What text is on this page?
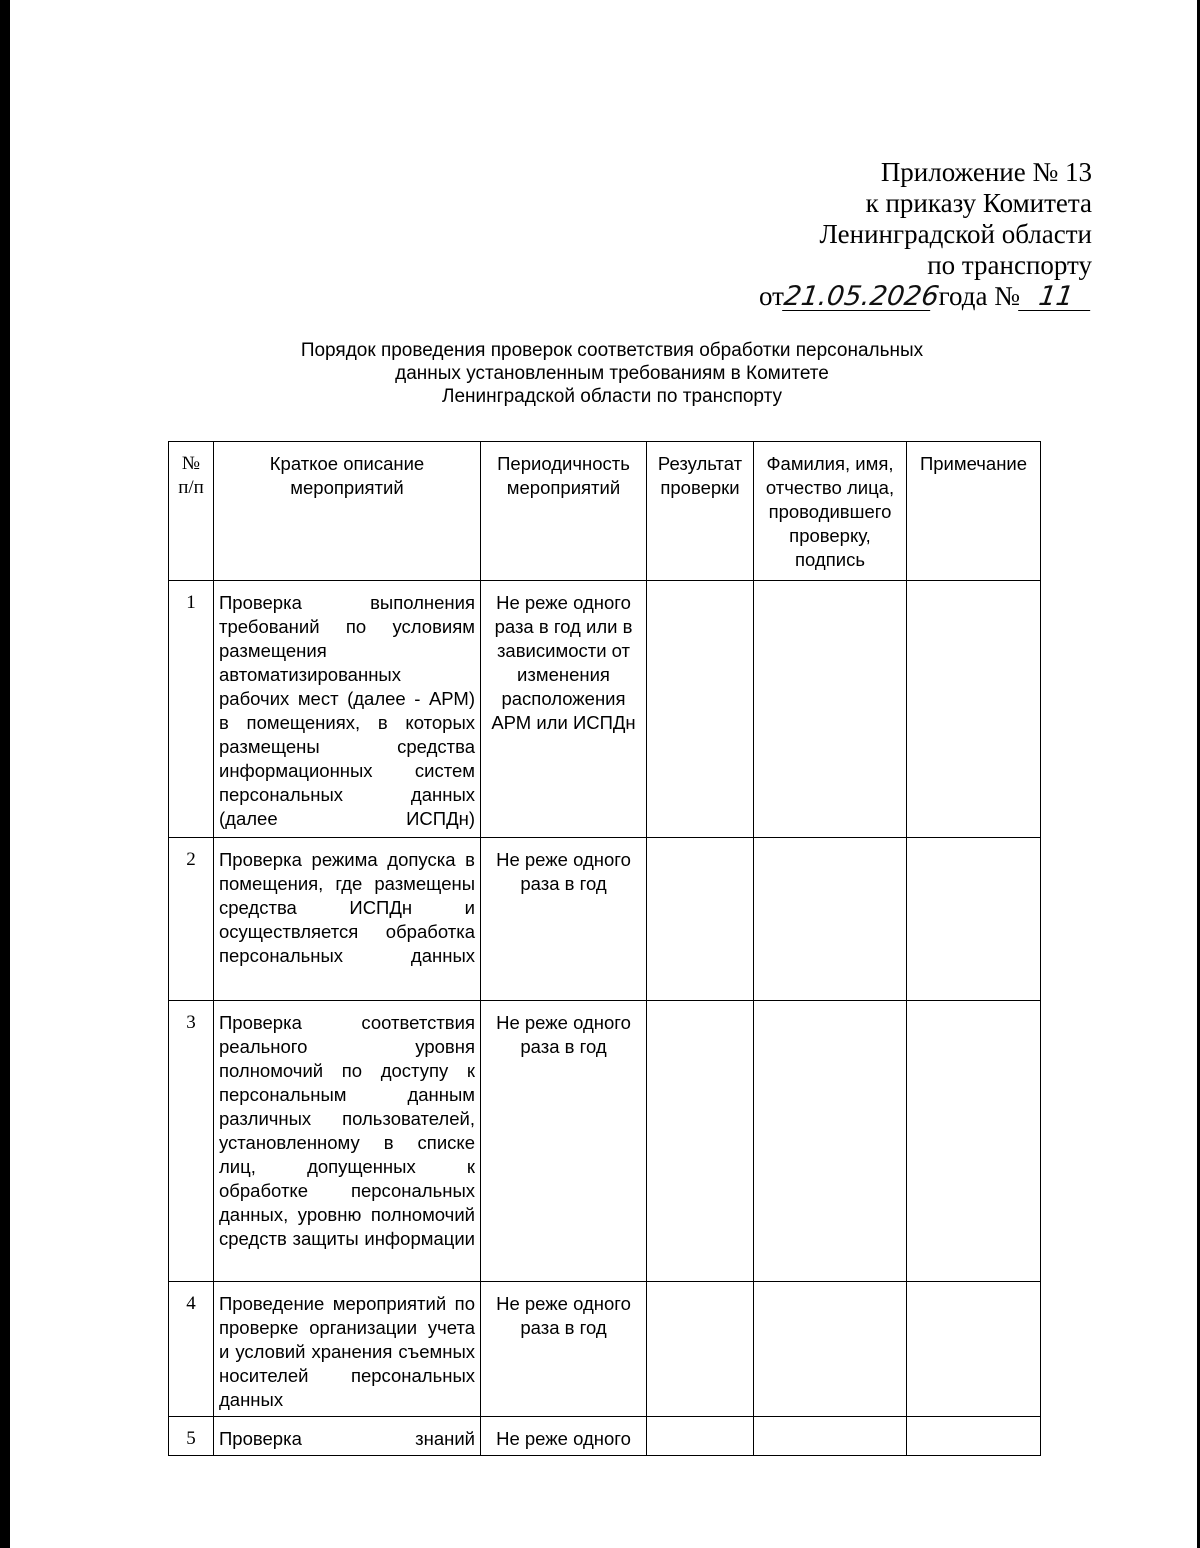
Приложение № 13
к приказу Комитета
Ленинградской области
по транспорту
от21.05.2026 года № 11
Порядок проведения проверок соответствия обработки персональных
данных установленным требованиям в Комитете
Ленинградской области по транспорту
№ п/п	Краткое описание мероприятий	Периодичность мероприятий	Результат проверки	Фамилия, имя, отчество лица, проводившего проверку, подпись	Примечание
1	Проверка выполнения требований по условиям размещения автоматизированных рабочих мест (далее - АРМ) в помещениях, в которых размещены средства информационных систем персональных данных (далее ИСПДн)	Не реже одного раза в год или в зависимости от изменения расположения АРМ или ИСПДн			
2	Проверка режима допуска в помещения, где размещены средства ИСПДн и осуществляется обработка персональных данных	Не реже одного раза в год			
3	Проверка соответствия реального уровня полномочий по доступу к персональным данным различных пользователей, установленному в списке лиц, допущенных к обработке персональных данных, уровню полномочий средств защиты информации	Не реже одного раза в год			
4	Проведение мероприятий по проверке организации учета и условий хранения съемных носителей персональных данных	Не реже одного раза в год			
5	Проверка знаний	Не реже одного			
